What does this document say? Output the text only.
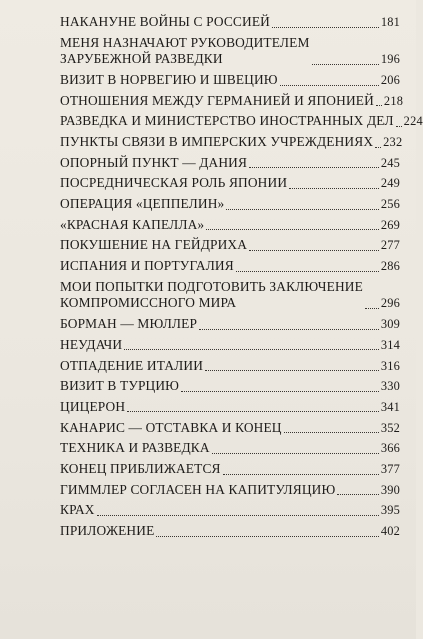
НАКАНУНЕ ВОЙНЫ С РОССИЕЙ	181
МЕНЯ НАЗНАЧАЮТ РУКОВОДИТЕЛЕМ
ЗАРУБЕЖНОЙ РАЗВЕДКИ	196
ВИЗИТ В НОРВЕГИЮ И ШВЕЦИЮ	206
ОТНОШЕНИЯ МЕЖДУ ГЕРМАНИЕЙ И ЯПОНИЕЙ 218
РАЗВЕДКА И МИНИСТЕРСТВО ИНОСТРАННЫХ ДЕЛ 224
ПУНКТЫ СВЯЗИ В ИМПЕРСКИХ УЧРЕЖДЕНИЯХ 232
ОПОРНЫЙ ПУНКТ — ДАНИЯ	245
ПОСРЕДНИЧЕСКАЯ РОЛЬ ЯПОНИИ	249
ОПЕРАЦИЯ «ЦЕППЕЛИН»	256
«КРАСНАЯ КАПЕЛЛА»	269
ПОКУШЕНИЕ НА ГЕЙДРИХА	277
ИСПАНИЯ И ПОРТУГАЛИЯ	286
МОИ ПОПЫТКИ ПОДГОТОВИТЬ ЗАКЛЮЧЕНИЕ
КОМПРОМИССНОГО МИРА	296
БОРМАН — МЮЛЛЕР	309
НЕУДАЧИ	314
ОТПАДЕНИЕ ИТАЛИИ	316
ВИЗИТ В ТУРЦИЮ	330
ЦИЦЕРОН	341
КАНАРИС — ОТСТАВКА И КОНЕЦ	352
ТЕХНИКА И РАЗВЕДКА	366
КОНЕЦ ПРИБЛИЖАЕТСЯ	377
ГИММЛЕР СОГЛАСЕН НА КАПИТУЛЯЦИЮ	390
КРАХ	395
ПРИЛОЖЕНИЕ	402
